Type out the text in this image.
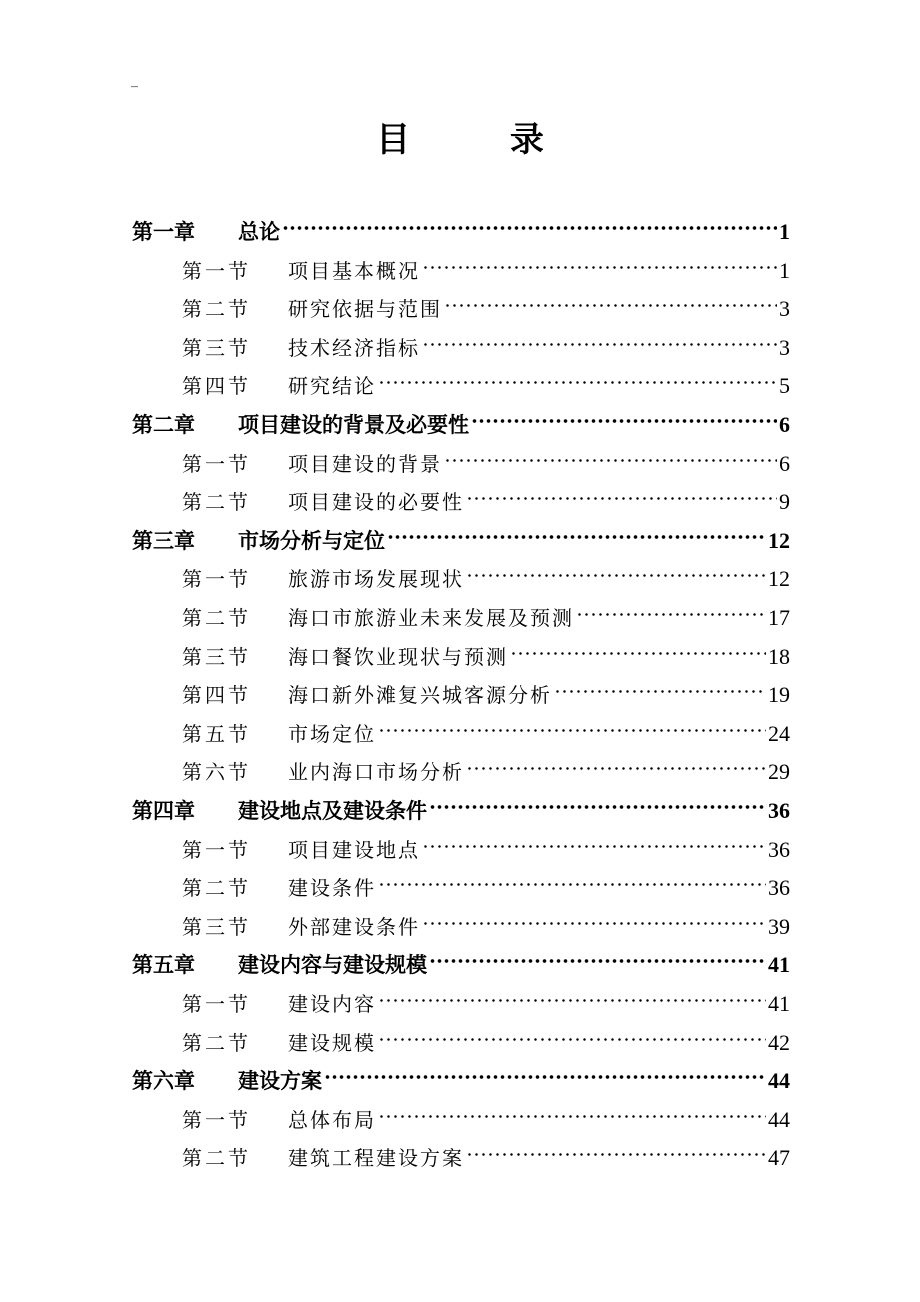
_
目 录
第一章	总论	1
第一节	项目基本概况	1
第二节	研究依据与范围	3
第三节	技术经济指标	3
第四节	研究结论	5
第二章	项目建设的背景及必要性	6
第一节	项目建设的背景	6
第二节	项目建设的必要性	9
第三章	市场分析与定位	12
第一节	旅游市场发展现状	12
第二节	海口市旅游业未来发展及预测	17
第三节	海口餐饮业现状与预测	18
第四节	海口新外滩复兴城客源分析	19
第五节	市场定位	24
第六节	业内海口市场分析	29
第四章	建设地点及建设条件	36
第一节	项目建设地点	36
第二节	建设条件	36
第三节	外部建设条件	39
第五章	建设内容与建设规模	41
第一节	建设内容	41
第二节	建设规模	42
第六章	建设方案	44
第一节	总体布局	44
第二节	建筑工程建设方案	47
